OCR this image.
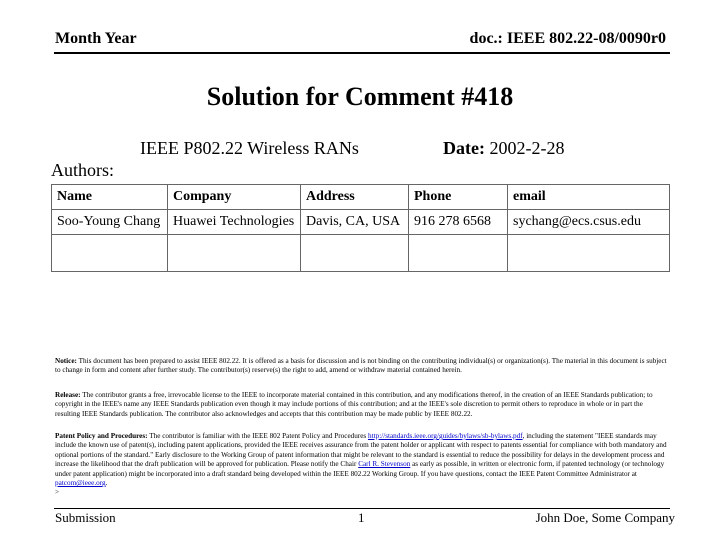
Month Year	doc.: IEEE 802.22-08/0090r0
Solution for Comment #418
IEEE P802.22 Wireless RANs	Date: 2002-2-28
Authors:
Name	Company	Address	Phone	email
Soo-Young Chang	Huawei Technologies	Davis, CA, USA	916 278 6568	sychang@ecs.csus.edu

Notice: This document has been prepared to assist IEEE 802.22. It is offered as a basis for discussion and is not binding on the contributing individual(s) or organization(s). The material in this document is subject to change in form and content after further study. The contributor(s) reserve(s) the right to add, amend or withdraw material contained herein.
Release: The contributor grants a free, irrevocable license to the IEEE to incorporate material contained in this contribution, and any modifications thereof, in the creation of an IEEE Standards publication; to copyright in the IEEE's name any IEEE Standards publication even though it may include portions of this contribution; and at the IEEE's sole discretion to permit others to reproduce in whole or in part the resulting IEEE Standards publication. The contributor also acknowledges and accepts that this contribution may be made public by IEEE 802.22.
Patent Policy and Procedures: The contributor is familiar with the IEEE 802 Patent Policy and Procedures http://standards.ieee.org/guides/bylaws/sb-bylaws.pdf, including the statement "IEEE standards may include the known use of patent(s), including patent applications, provided the IEEE receives assurance from the patent holder or applicant with respect to patents essential for compliance with both mandatory and optional portions of the standard." Early disclosure to the Working Group of patent information that might be relevant to the standard is essential to reduce the possibility for delays in the development process and increase the likelihood that the draft publication will be approved for publication. Please notify the Chair Carl R. Stevenson as early as possible, in written or electronic form, if patented technology (or technology under patent application) might be incorporated into a draft standard being developed within the IEEE 802.22 Working Group. If you have questions, contact the IEEE Patent Committee Administrator at patcom@ieee.org.
>
Submission	1	John Doe, Some Company
